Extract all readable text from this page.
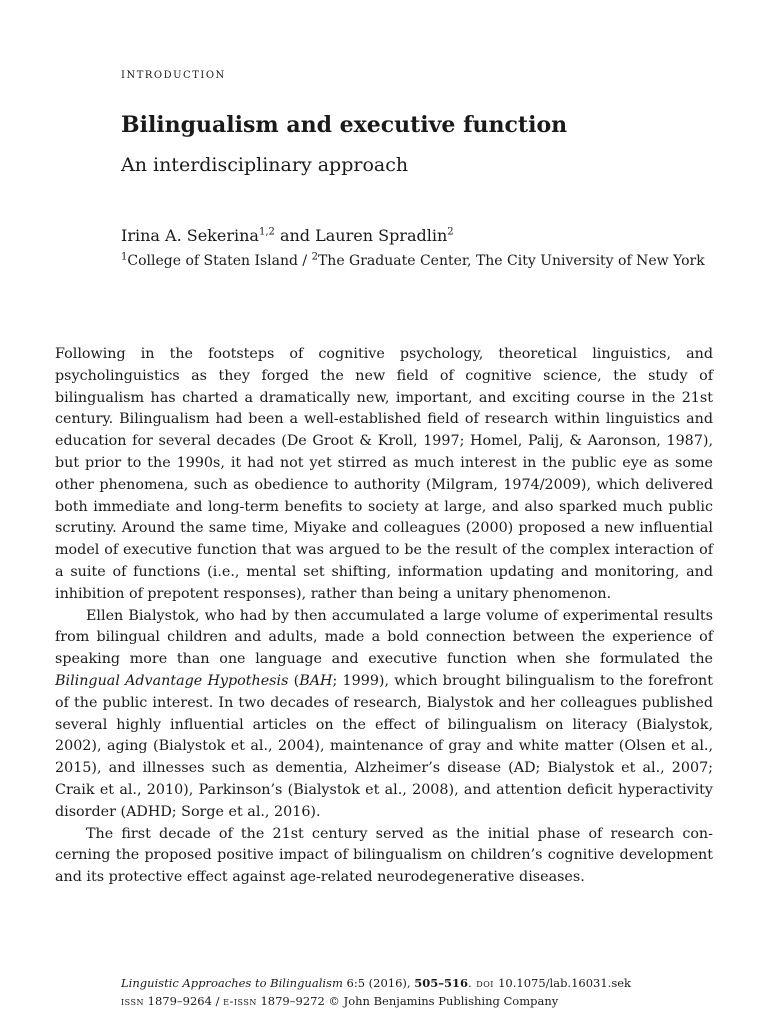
introduction
Bilingualism and executive function
An interdisciplinary approach
Irina A. Sekerina$^{1,2}$ and Lauren Spradlin$^2$
$^1$College of Staten Island / $^2$The Graduate Center, The City University of New York

Following in the footsteps of cognitive psychology, theoretical linguistics, and psycholinguistics as they forged the new field of cognitive science, the study of bilingualism has charted a dramatically new, important, and exciting course in the 21st century. Bilingualism had been a well-established field of research within linguistics and education for several decades (De Groot & Kroll, 1997; Homel, Palij, & Aaronson, 1987), but prior to the 1990s, it had not yet stirred as much interest in the public eye as some other phenomena, such as obedience to authority (Milgram, 1974/2009), which delivered both immediate and long-term benefits to society at large, and also sparked much public scrutiny. Around the same time, Miyake and colleagues (2000) proposed a new influential model of executive function that was argued to be the result of the complex interaction of a suite of functions (i.e., mental set shifting, information updating and monitoring, and inhibition of prepotent responses), rather than being a unitary phenomenon.

Ellen Bialystok, who had by then accumulated a large volume of experimental results from bilingual children and adults, made a bold connection between the experience of speaking more than one language and executive function when she formulated the Bilingual Advantage Hypothesis (BAH; 1999), which brought bilingualism to the forefront of the public interest. In two decades of research, Bialystok and her colleagues published several highly influential articles on the effect of bilingualism on literacy (Bialystok, 2002), aging (Bialystok et al., 2004), maintenance of gray and white matter (Olsen et al., 2015), and illnesses such as dementia, Alzheimer’s disease (AD; Bialystok et al., 2007; Craik et al., 2010), Parkinson’s (Bialystok et al., 2008), and attention deficit hyperactivity disorder (ADHD; Sorge et al., 2016).

The first decade of the 21st century served as the initial phase of research concerning the proposed positive impact of bilingualism on children’s cognitive development and its protective effect against age-related neurodegenerative diseases.

Linguistic Approaches to Bilingualism 6:5 (2016), 505–516. doi 10.1075/lab.16031.sek
issn 1879–9264 / e-issn 1879–9272 © John Benjamins Publishing Company
